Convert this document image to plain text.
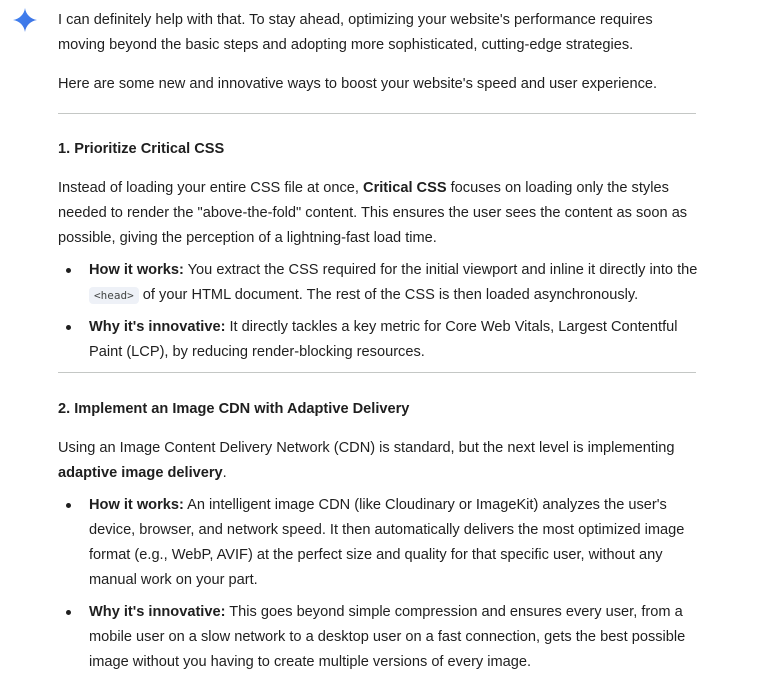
I can definitely help with that. To stay ahead, optimizing your website's performance requires moving beyond the basic steps and adopting more sophisticated, cutting-edge strategies.

Here are some new and innovative ways to boost your website's speed and user experience.

1. Prioritize Critical CSS

Instead of loading your entire CSS file at once, Critical CSS focuses on loading only the styles needed to render the "above-the-fold" content. This ensures the user sees the content as soon as possible, giving the perception of a lightning-fast load time.

How it works: You extract the CSS required for the initial viewport and inline it directly into the <head> of your HTML document. The rest of the CSS is then loaded asynchronously.
Why it's innovative: It directly tackles a key metric for Core Web Vitals, Largest Contentful Paint (LCP), by reducing render-blocking resources.
2. Implement an Image CDN with Adaptive Delivery

Using an Image Content Delivery Network (CDN) is standard, but the next level is implementing adaptive image delivery.

How it works: An intelligent image CDN (like Cloudinary or ImageKit) analyzes the user's device, browser, and network speed. It then automatically delivers the most optimized image format (e.g., WebP, AVIF) at the perfect size and quality for that specific user, without any manual work on your part.
Why it's innovative: This goes beyond simple compression and ensures every user, from a mobile user on a slow network to a desktop user on a fast connection, gets the best possible image without you having to create multiple versions of every image.
